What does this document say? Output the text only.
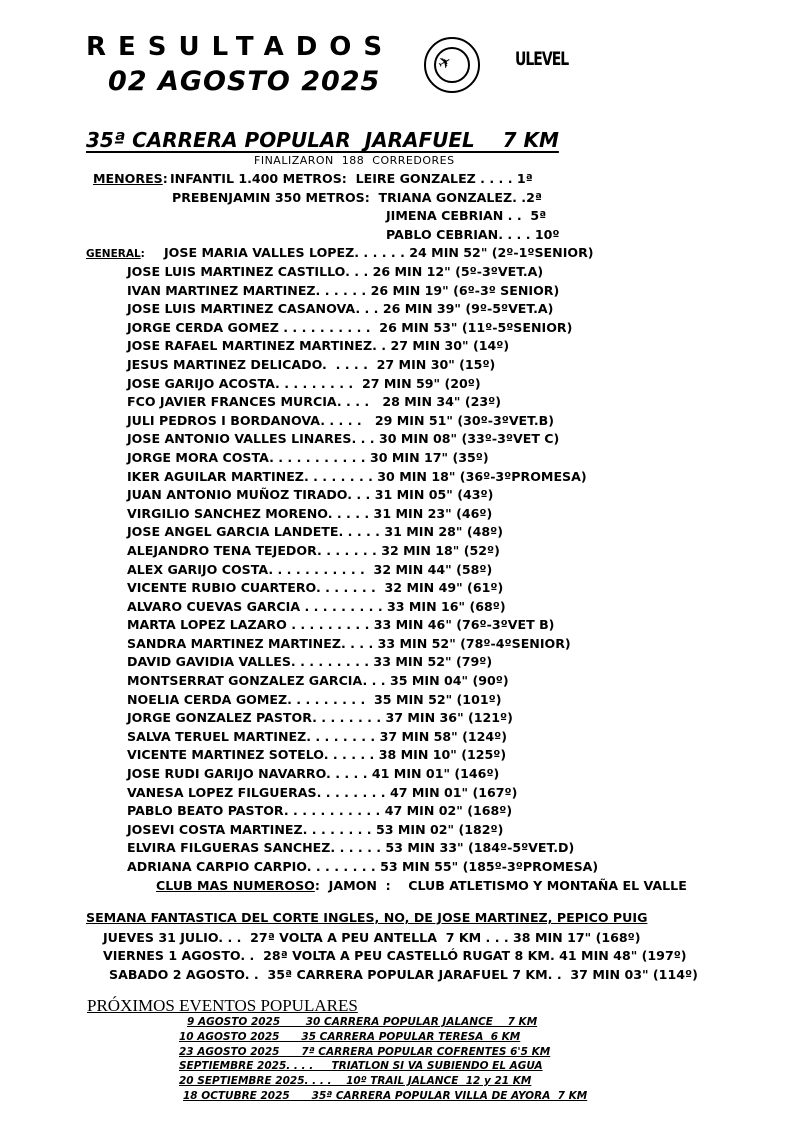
RESULTADOS
02 AGOSTO 2025
✈	ULEVEL
35ª CARRERA POPULAR  JARAFUEL    7 KM
FINALIZARON  188  CORREDORES
MENORES: INFANTIL 1.400 METROS:  LEIRE GONZALEZ . . . . 1ª
PREBENJAMIN 350 METROS:  TRIANA GONZALEZ. .2ª
JIMENA CEBRIAN . .  5ª
PABLO CEBRIAN. . . . 10º
GENERAL: JOSE MARIA VALLES LOPEZ. . . . . . 24 MIN 52" (2º-1ºSENIOR)
JOSE LUIS MARTINEZ CASTILLO. . . 26 MIN 12" (5º-3ºVET.A)
IVAN MARTINEZ MARTINEZ. . . . . . 26 MIN 19" (6º-3º SENIOR)
JOSE LUIS MARTINEZ CASANOVA. . . 26 MIN 39" (9º-5ºVET.A)
JORGE CERDA GOMEZ . . . . . . . . . .  26 MIN 53" (11º-5ºSENIOR)
JOSE RAFAEL MARTINEZ MARTINEZ. . 27 MIN 30" (14º)
JESUS MARTINEZ DELICADO.  . . . .  27 MIN 30" (15º)
JOSE GARIJO ACOSTA. . . . . . . . .  27 MIN 59" (20º)
FCO JAVIER FRANCES MURCIA. . . .   28 MIN 34" (23º)
JULI PEDROS I BORDANOVA. . . . .   29 MIN 51" (30º-3ºVET.B)
JOSE ANTONIO VALLES LINARES. . . 30 MIN 08" (33º-3ºVET C)
JORGE MORA COSTA. . . . . . . . . . . 30 MIN 17" (35º)
IKER AGUILAR MARTINEZ. . . . . . . . 30 MIN 18" (36º-3ºPROMESA)
JUAN ANTONIO MUÑOZ TIRADO. . . 31 MIN 05" (43º)
VIRGILIO SANCHEZ MORENO. . . . . 31 MIN 23" (46º)
JOSE ANGEL GARCIA LANDETE. . . . . 31 MIN 28" (48º)
ALEJANDRO TENA TEJEDOR. . . . . . . 32 MIN 18" (52º)
ALEX GARIJO COSTA. . . . . . . . . . .  32 MIN 44" (58º)
VICENTE RUBIO CUARTERO. . . . . . .  32 MIN 49" (61º)
ALVARO CUEVAS GARCIA . . . . . . . . . 33 MIN 16" (68º)
MARTA LOPEZ LAZARO . . . . . . . . . 33 MIN 46" (76º-3ºVET B)
SANDRA MARTINEZ MARTINEZ. . . . 33 MIN 52" (78º-4ºSENIOR)
DAVID GAVIDIA VALLES. . . . . . . . . 33 MIN 52" (79º)
MONTSERRAT GONZALEZ GARCIA. . . 35 MIN 04" (90º)
NOELIA CERDA GOMEZ. . . . . . . . .  35 MIN 52" (101º)
JORGE GONZALEZ PASTOR. . . . . . . . 37 MIN 36" (121º)
SALVA TERUEL MARTINEZ. . . . . . . . 37 MIN 58" (124º)
VICENTE MARTINEZ SOTELO. . . . . . 38 MIN 10" (125º)
JOSE RUDI GARIJO NAVARRO. . . . . 41 MIN 01" (146º)
VANESA LOPEZ FILGUERAS. . . . . . . . 47 MIN 01" (167º)
PABLO BEATO PASTOR. . . . . . . . . . . 47 MIN 02" (168º)
JOSEVI COSTA MARTINEZ. . . . . . . . 53 MIN 02" (182º)
ELVIRA FILGUERAS SANCHEZ. . . . . . 53 MIN 33" (184º-5ºVET.D)
ADRIANA CARPIO CARPIO. . . . . . . . 53 MIN 55" (185º-3ºPROMESA)
CLUB MAS NUMEROSO:  JAMON  :    CLUB ATLETISMO Y MONTAÑA EL VALLE
SEMANA FANTASTICA DEL CORTE INGLES, NO, DE JOSE MARTINEZ, PEPICO PUIG
JUEVES 31 JULIO. . .  27ª VOLTA A PEU ANTELLA  7 KM . . . 38 MIN 17" (168º)
VIERNES 1 AGOSTO. .  28ª VOLTA A PEU CASTELLÓ RUGAT 8 KM. 41 MIN 48" (197º)
SABADO 2 AGOSTO. .  35ª CARRERA POPULAR JARAFUEL 7 KM. .  37 MIN 03" (114º)
PRÓXIMOS EVENTOS POPULARES
9 AGOSTO 2025       30 CARRERA POPULAR JALANCE    7 KM
10 AGOSTO 2025      35 CARRERA POPULAR TERESA  6 KM
23 AGOSTO 2025      7ª CARRERA POPULAR COFRENTES 6'5 KM
SEPTIEMBRE 2025. . . .     TRIATLON SI VA SUBIENDO EL AGUA
20 SEPTIEMBRE 2025. . . .    10º TRAIL JALANCE  12 y 21 KM
18 OCTUBRE 2025      35ª CARRERA POPULAR VILLA DE AYORA  7 KM
